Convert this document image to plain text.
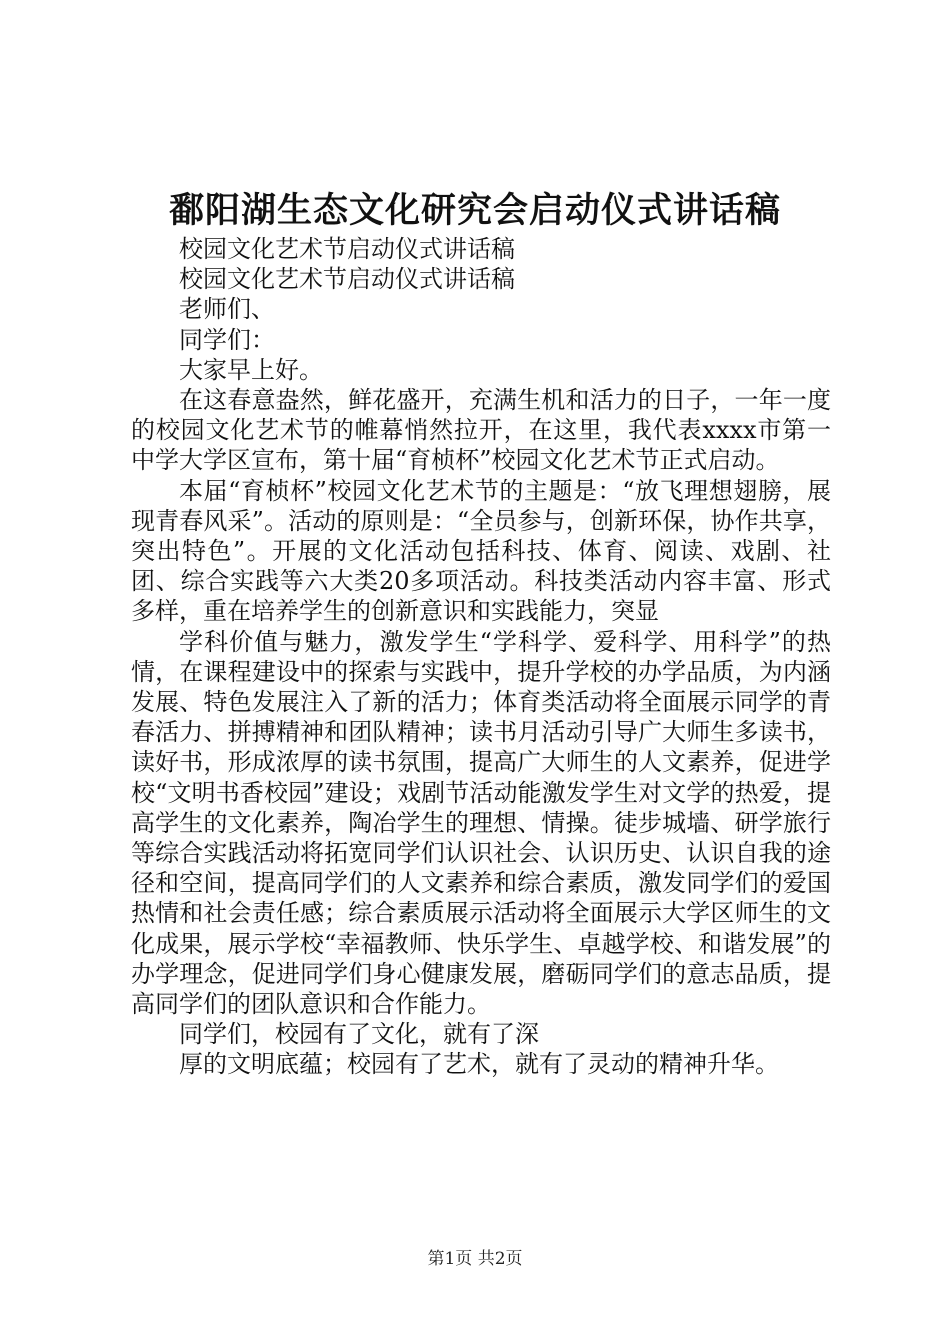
鄱阳湖生态文化研究会启动仪式讲话稿

校园文化艺术节启动仪式讲话稿

校园文化艺术节启动仪式讲话稿

老师们、

同学们：

大家早上好。

在这春意盎然，鲜花盛开，充满生机和活力的日子，一年一度的校园文化艺术节的帷幕悄然拉开，在这里，我代表xxxx市第一中学大学区宣布，第十届“育桢杯”校园文化艺术节正式启动。

本届“育桢杯”校园文化艺术节的主题是：“放飞理想翅膀，展现青春风采”。活动的原则是：“全员参与，创新环保，协作共享，突出特色”。开展的文化活动包括科技、体育、阅读、戏剧、社团、综合实践等六大类20多项活动。科技类活动内容丰富、形式多样，重在培养学生的创新意识和实践能力，突显

学科价值与魅力，激发学生“学科学、爱科学、用科学”的热情，在课程建设中的探索与实践中，提升学校的办学品质，为内涵发展、特色发展注入了新的活力；体育类活动将全面展示同学的青春活力、拼搏精神和团队精神；读书月活动引导广大师生多读书，读好书，形成浓厚的读书氛围，提高广大师生的人文素养，促进学校“文明书香校园”建设；戏剧节活动能激发学生对文学的热爱，提高学生的文化素养，陶冶学生的理想、情操。徒步城墙、研学旅行等综合实践活动将拓宽同学们认识社会、认识历史、认识自我的途径和空间，提高同学们的人文素养和综合素质，激发同学们的爱国热情和社会责任感；综合素质展示活动将全面展示大学区师生的文化成果，展示学校“幸福教师、快乐学生、卓越学校、和谐发展”的办学理念，促进同学们身心健康发展，磨砺同学们的意志品质，提高同学们的团队意识和合作能力。

同学们，校园有了文化，就有了深

厚的文明底蕴；校园有了艺术，就有了灵动的精神升华。

第1页 共2页
